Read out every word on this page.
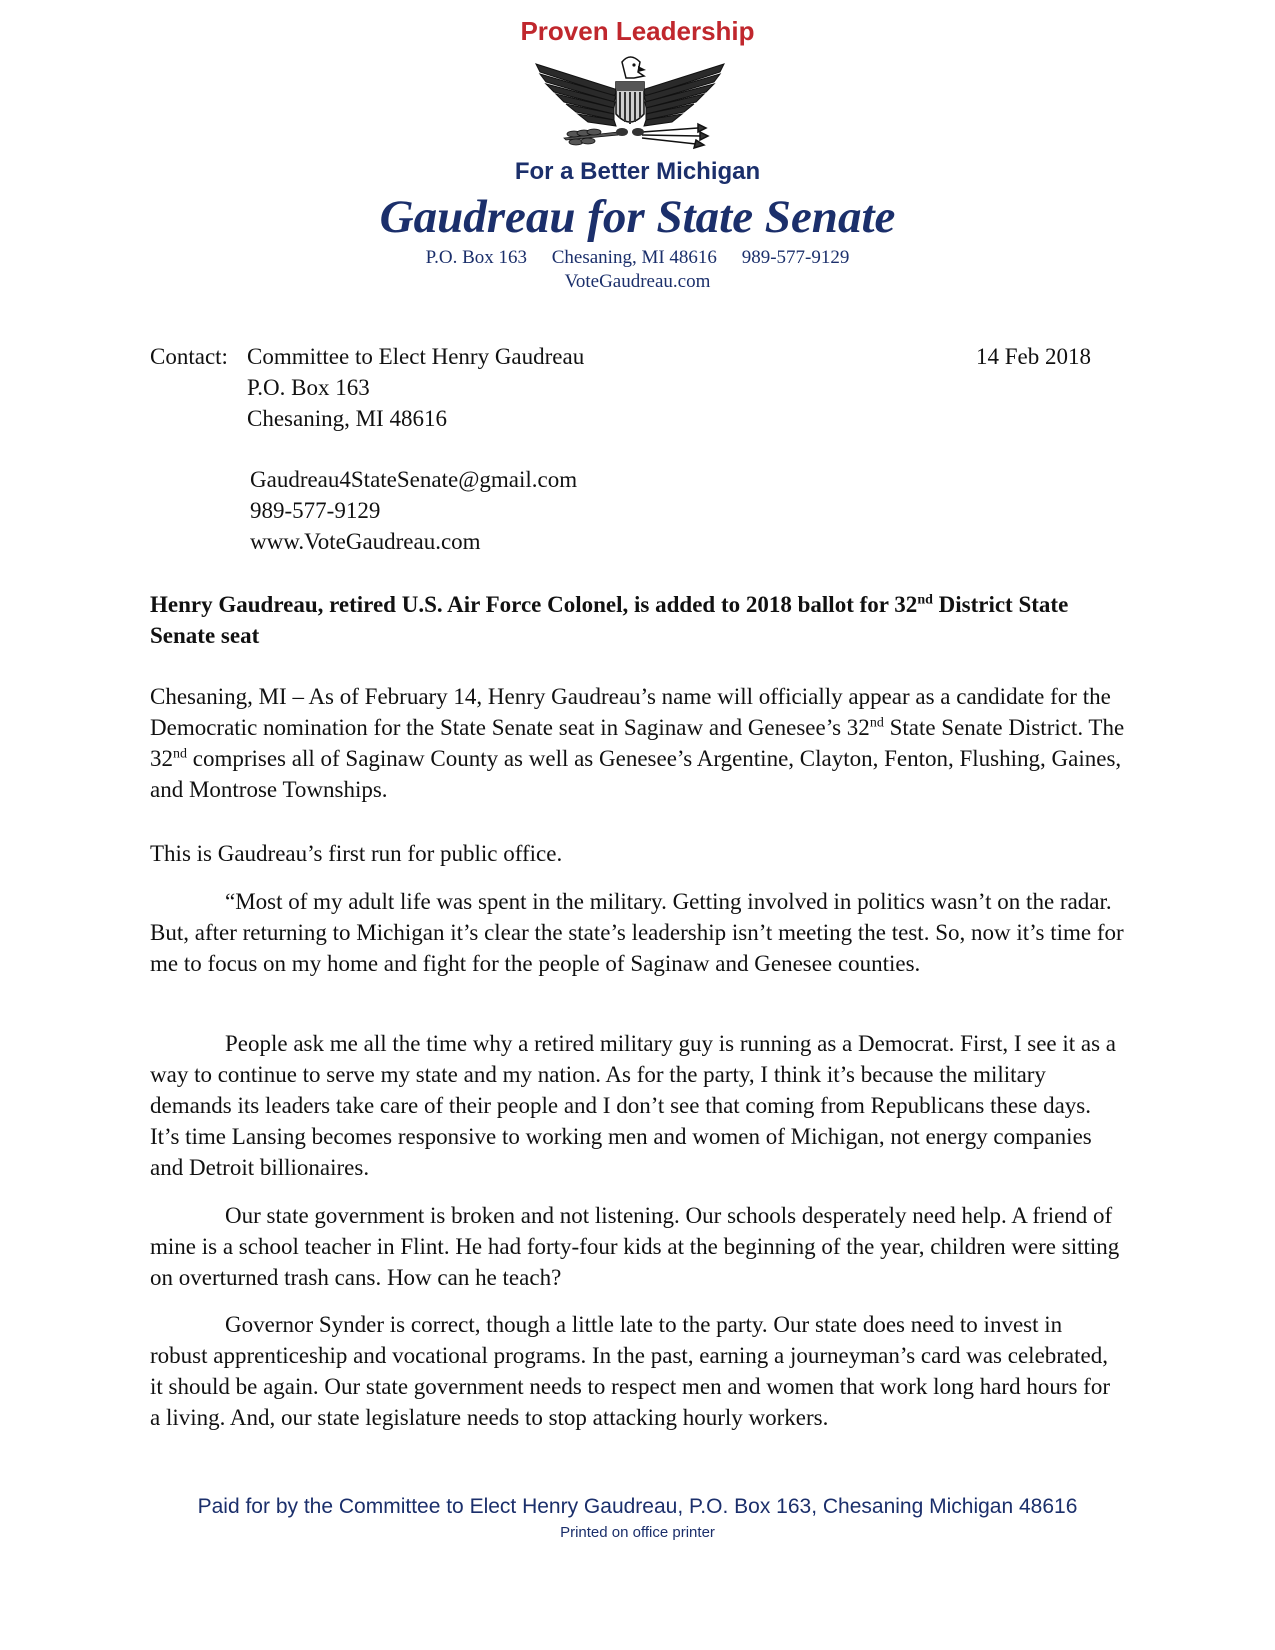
Proven Leadership
For a Better Michigan
Gaudreau for State Senate
P.O. Box 163 Chesaning, MI 48616 989-577-9129
VoteGaudreau.com
Contact: Committee to Elect Henry Gaudreau
P.O. Box 163
Chesaning, MI 48616
Gaudreau4StateSenate@gmail.com
989-577-9129
www.VoteGaudreau.com
14 Feb 2018
Henry Gaudreau, retired U.S. Air Force Colonel, is added to 2018 ballot for 32nd District State Senate seat

Chesaning, MI – As of February 14, Henry Gaudreau’s name will officially appear as a candidate for the Democratic nomination for the State Senate seat in Saginaw and Genesee’s 32nd State Senate District. The 32nd comprises all of Saginaw County as well as Genesee’s Argentine, Clayton, Fenton, Flushing, Gaines, and Montrose Townships.

This is Gaudreau’s first run for public office.

“Most of my adult life was spent in the military. Getting involved in politics wasn’t on the radar. But, after returning to Michigan it’s clear the state’s leadership isn’t meeting the test. So, now it’s time for me to focus on my home and fight for the people of Saginaw and Genesee counties.

People ask me all the time why a retired military guy is running as a Democrat. First, I see it as a way to continue to serve my state and my nation. As for the party, I think it’s because the military demands its leaders take care of their people and I don’t see that coming from Republicans these days. It’s time Lansing becomes responsive to working men and women of Michigan, not energy companies and Detroit billionaires.

Our state government is broken and not listening. Our schools desperately need help. A friend of mine is a school teacher in Flint. He had forty-four kids at the beginning of the year, children were sitting on overturned trash cans. How can he teach?

Governor Synder is correct, though a little late to the party. Our state does need to invest in robust apprenticeship and vocational programs. In the past, earning a journeyman’s card was celebrated, it should be again. Our state government needs to respect men and women that work long hard hours for a living. And, our state legislature needs to stop attacking hourly workers.

Paid for by the Committee to Elect Henry Gaudreau, P.O. Box 163, Chesaning Michigan 48616
Printed on office printer
